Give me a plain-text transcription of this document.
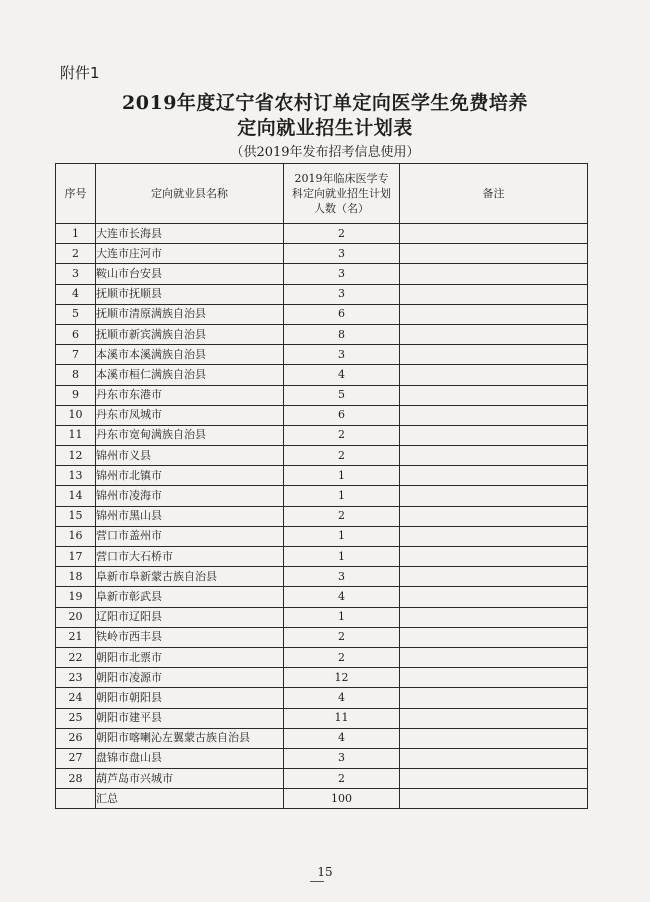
附件1
2019年度辽宁省农村订单定向医学生免费培养
定向就业招生计划表
（供2019年发布招考信息使用）
序号	定向就业县名称	2019年临床医学专科定向就业招生计划人数（名）	备注
1	大连市长海县	2	
2	大连市庄河市	3	
3	鞍山市台安县	3	
4	抚顺市抚顺县	3	
5	抚顺市清原满族自治县	6	
6	抚顺市新宾满族自治县	8	
7	本溪市本溪满族自治县	3	
8	本溪市桓仁满族自治县	4	
9	丹东市东港市	5	
10	丹东市凤城市	6	
11	丹东市宽甸满族自治县	2	
12	锦州市义县	2	
13	锦州市北镇市	1	
14	锦州市凌海市	1	
15	锦州市黑山县	2	
16	营口市盖州市	1	
17	营口市大石桥市	1	
18	阜新市阜新蒙古族自治县	3	
19	阜新市彰武县	4	
20	辽阳市辽阳县	1	
21	铁岭市西丰县	2	
22	朝阳市北票市	2	
23	朝阳市凌源市	12	
24	朝阳市朝阳县	4	
25	朝阳市建平县	11	
26	朝阳市喀喇沁左翼蒙古族自治县	4	
27	盘锦市盘山县	3	
28	葫芦岛市兴城市	2	
	汇总	100	
15
